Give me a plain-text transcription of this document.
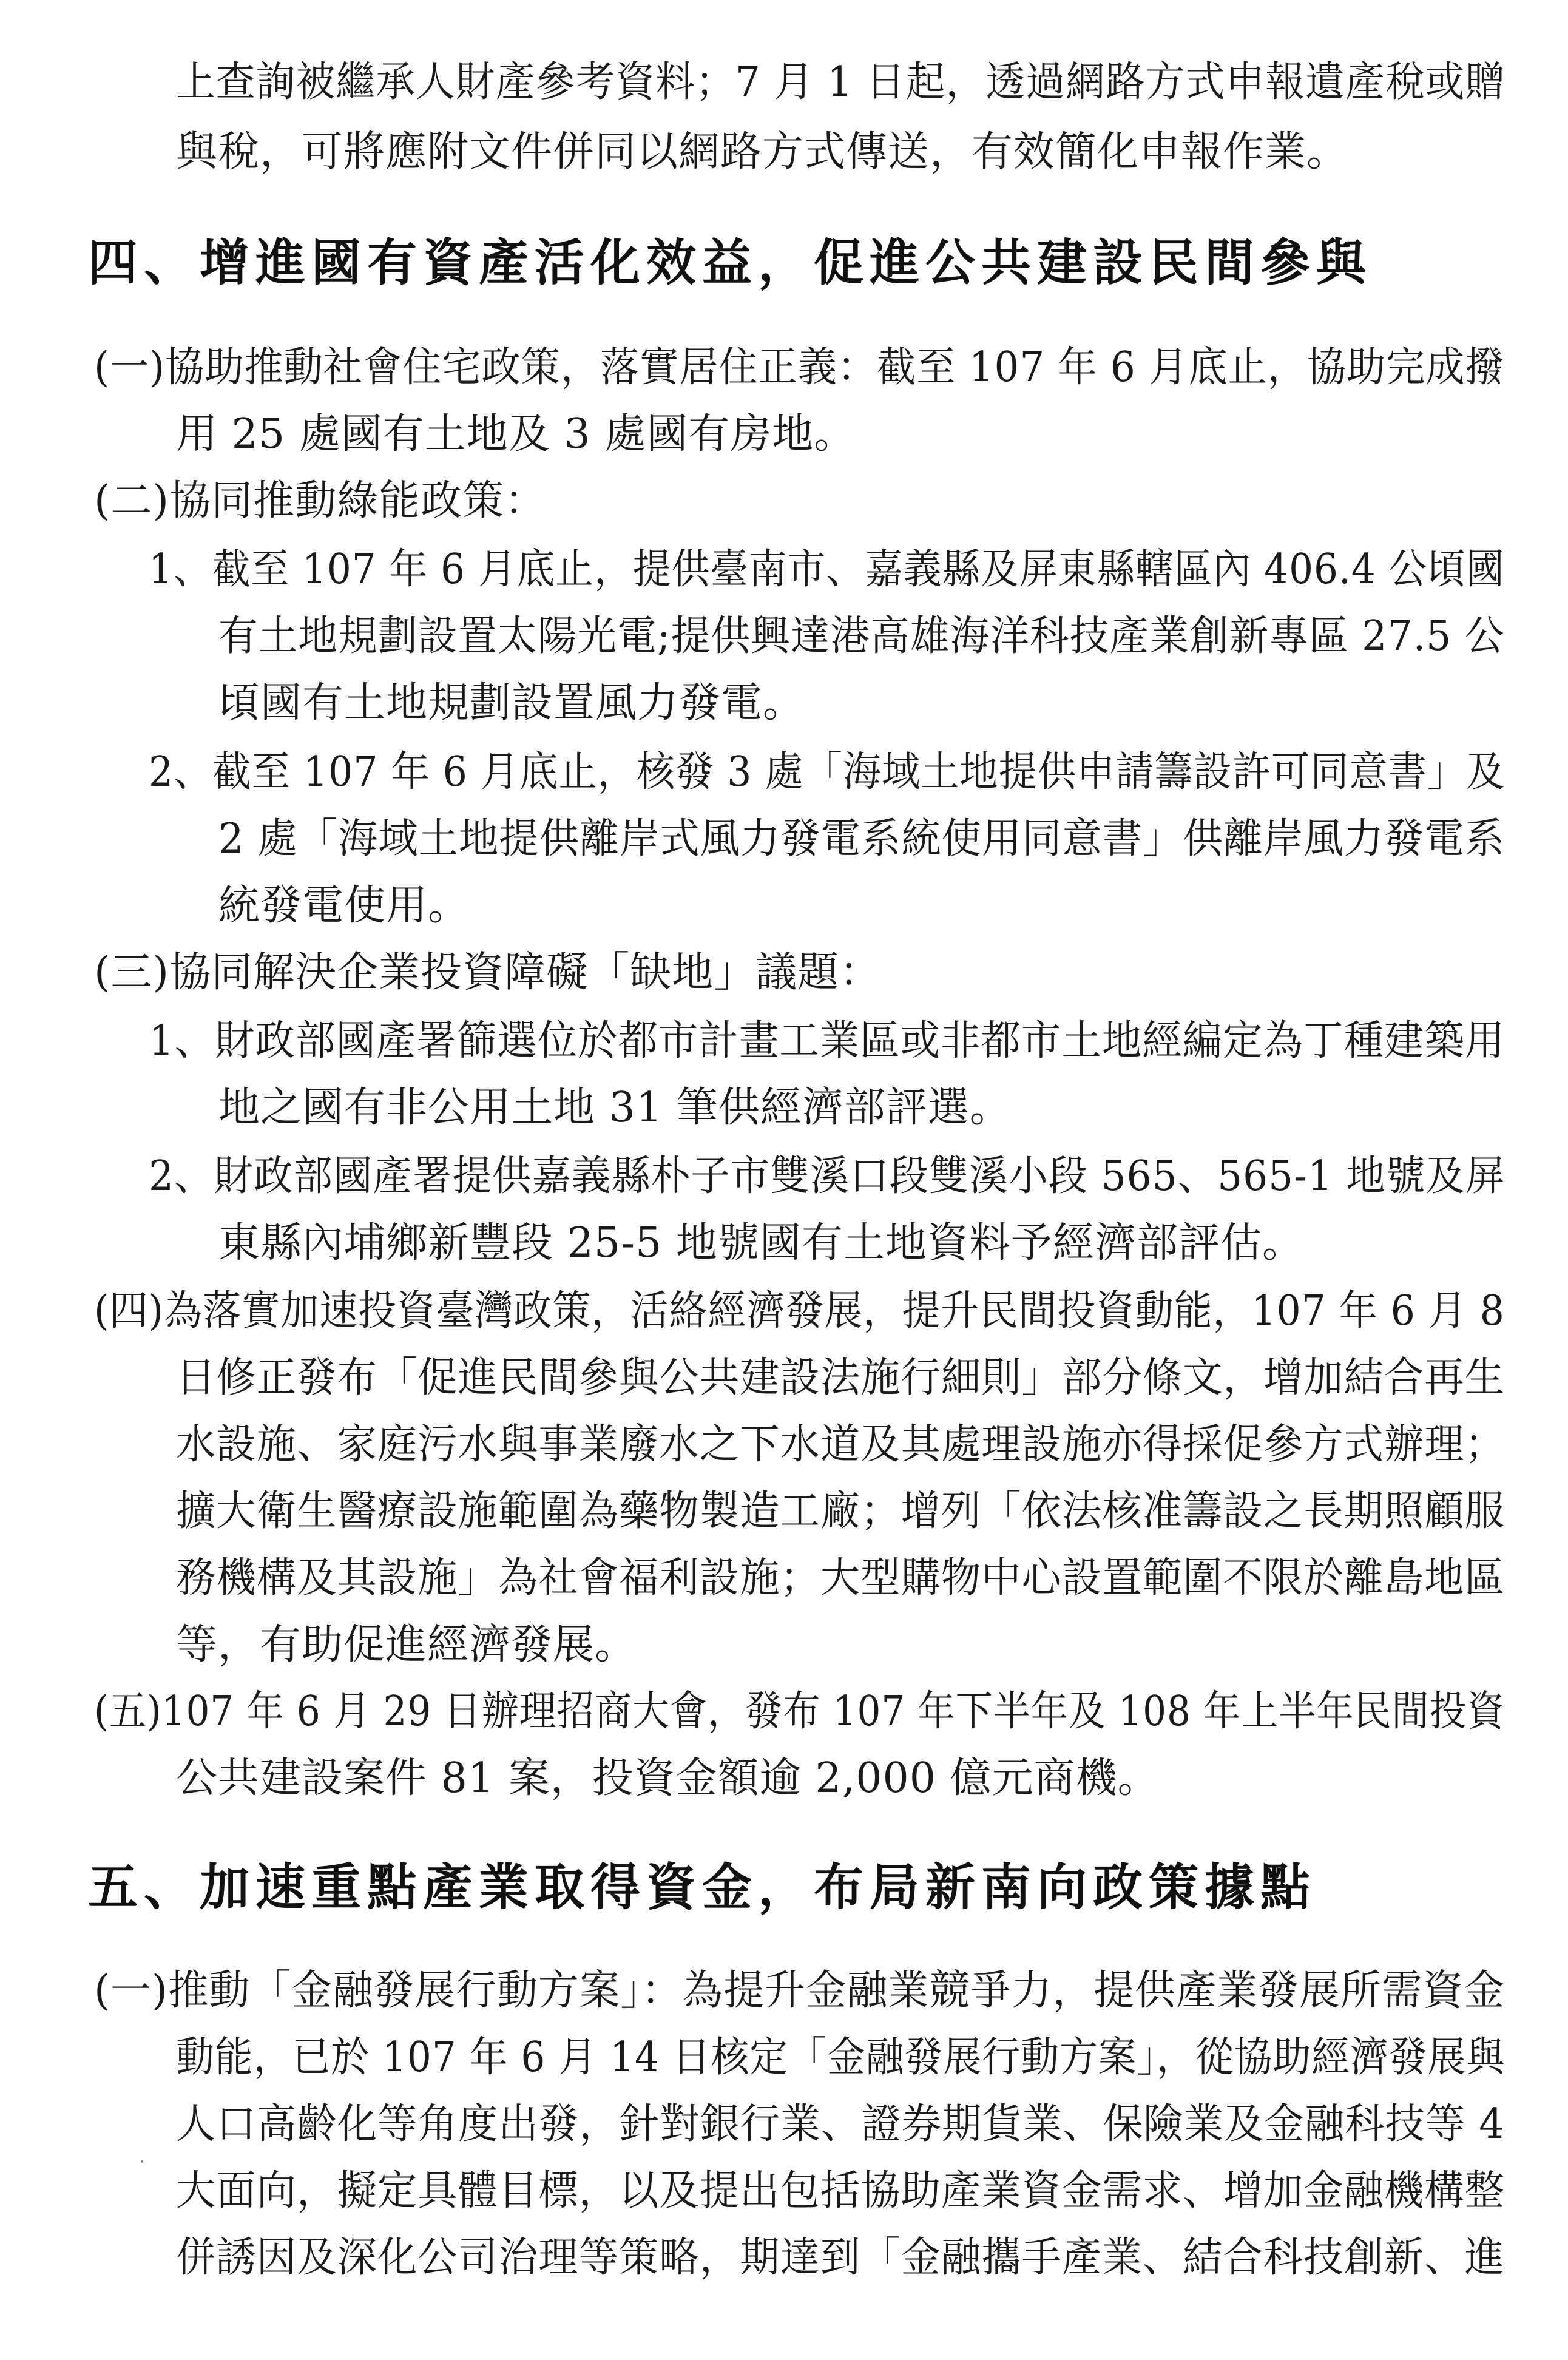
上查詢被繼承人財產參考資料；7 月 1 日起，透過網路方式申報遺產稅或贈
與稅，可將應附文件併同以網路方式傳送，有效簡化申報作業。
四、增進國有資產活化效益，促進公共建設民間參與
(一)協助推動社會住宅政策，落實居住正義：截至 107 年 6 月底止，協助完成撥
用 25 處國有土地及 3 處國有房地。
(二)協同推動綠能政策：
1、截至 107 年 6 月底止，提供臺南市、嘉義縣及屏東縣轄區內 406.4 公頃國
有土地規劃設置太陽光電;提供興達港高雄海洋科技產業創新專區 27.5 公
頃國有土地規劃設置風力發電。
2、截至 107 年 6 月底止，核發 3 處「海域土地提供申請籌設許可同意書」及
2 處「海域土地提供離岸式風力發電系統使用同意書」供離岸風力發電系
統發電使用。
(三)協同解決企業投資障礙「缺地」議題：
1、財政部國產署篩選位於都市計畫工業區或非都市土地經編定為丁種建築用
地之國有非公用土地 31 筆供經濟部評選。
2、財政部國產署提供嘉義縣朴子市雙溪口段雙溪小段 565、565-1 地號及屏
東縣內埔鄉新豐段 25-5 地號國有土地資料予經濟部評估。
(四)為落實加速投資臺灣政策，活絡經濟發展，提升民間投資動能，107 年 6 月 8
日修正發布「促進民間參與公共建設法施行細則」部分條文，增加結合再生
水設施、家庭污水與事業廢水之下水道及其處理設施亦得採促參方式辦理；
擴大衛生醫療設施範圍為藥物製造工廠；增列「依法核准籌設之長期照顧服
務機構及其設施」為社會福利設施；大型購物中心設置範圍不限於離島地區
等，有助促進經濟發展。
(五)107 年 6 月 29 日辦理招商大會，發布 107 年下半年及 108 年上半年民間投資
公共建設案件 81 案，投資金額逾 2,000 億元商機。
五、加速重點產業取得資金，布局新南向政策據點
(一)推動「金融發展行動方案」：為提升金融業競爭力，提供產業發展所需資金
動能，已於 107 年 6 月 14 日核定「金融發展行動方案」，從協助經濟發展與
人口高齡化等角度出發，針對銀行業、證券期貨業、保險業及金融科技等 4
大面向，擬定具體目標，以及提出包括協助產業資金需求、增加金融機構整
併誘因及深化公司治理等策略，期達到「金融攜手產業、結合科技創新、進
